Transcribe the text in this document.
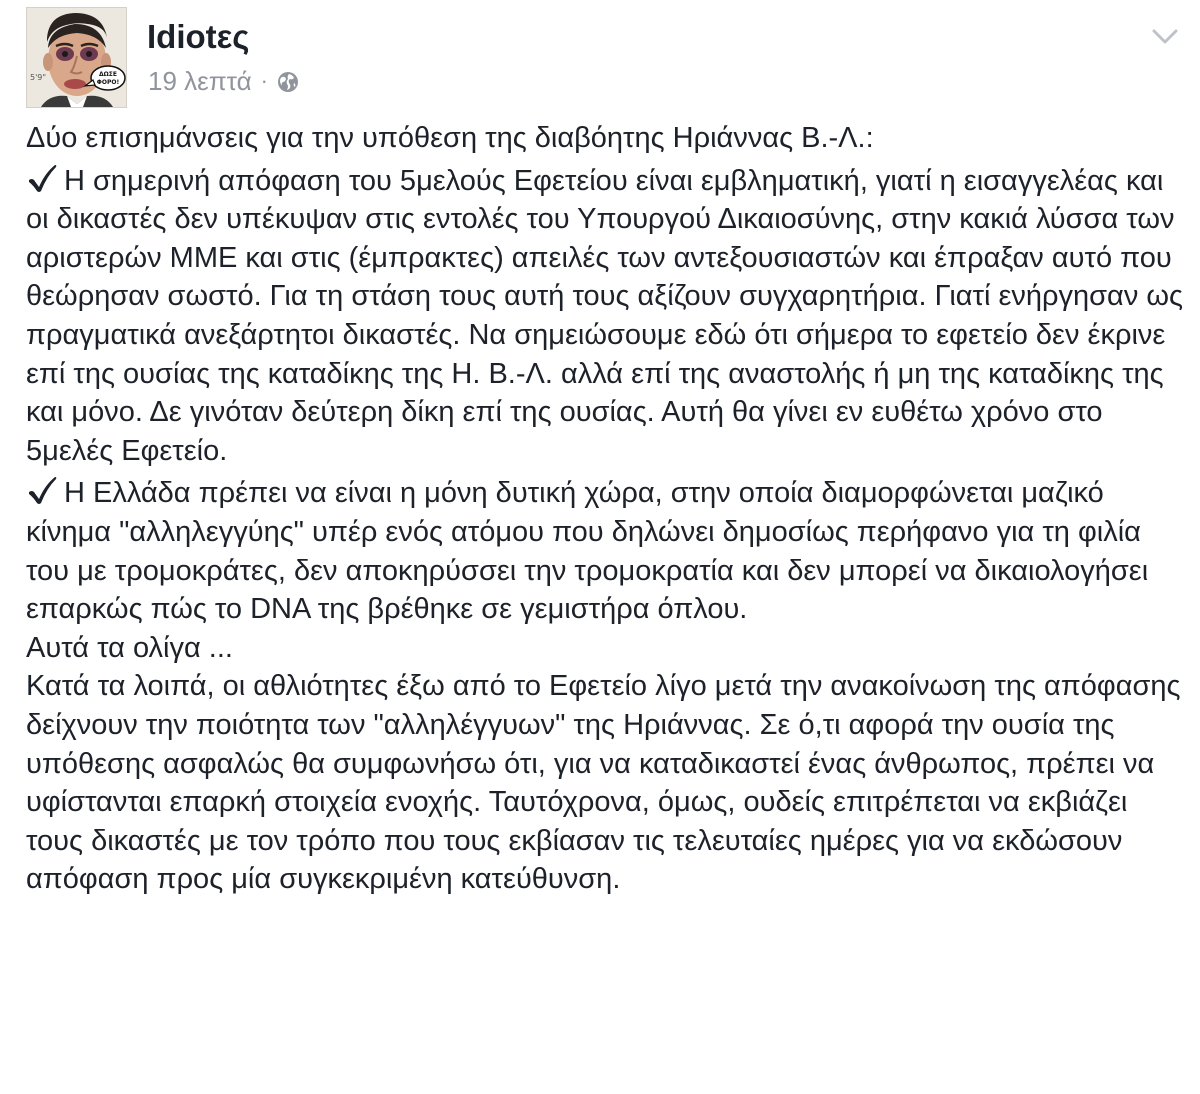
5'9"	ΔΩΣΕ
ΦΟΡΟ!
Idiotες
19 λεπτά ·

Δύο επισημάνσεις για την υπόθεση της διαβόητης Ηριάννας Β.-Λ.:

Η σημερινή απόφαση του 5μελούς Εφετείου είναι εμβληματική, γιατί η εισαγγελέας και οι δικαστές δεν υπέκυψαν στις εντολές του Υπουργού Δικαιοσύνης, στην κακιά λύσσα των αριστερών ΜΜΕ και στις (έμπρακτες) απειλές των αντεξουσιαστών και έπραξαν αυτό που θεώρησαν σωστό. Για τη στάση τους αυτή τους αξίζουν συγχαρητήρια. Γιατί ενήργησαν ως πραγματικά ανεξάρτητοι δικαστές. Να σημειώσουμε εδώ ότι σήμερα το εφετείο δεν έκρινε επί της ουσίας της καταδίκης της Η. Β.-Λ. αλλά επί της αναστολής ή μη της καταδίκης της και μόνο. Δε γινόταν δεύτερη δίκη επί της ουσίας. Αυτή θα γίνει εν ευθέτω χρόνο στο 5μελές Εφετείο.

Η Ελλάδα πρέπει να είναι η μόνη δυτική χώρα, στην οποία διαμορφώνεται μαζικό κίνημα "αλληλεγγύης" υπέρ ενός ατόμου που δηλώνει δημοσίως περήφανο για τη φιλία του με τρομοκράτες, δεν αποκηρύσσει την τρομοκρατία και δεν μπορεί να δικαιολογήσει επαρκώς πώς το DNA της βρέθηκε σε γεμιστήρα όπλου.

Αυτά τα ολίγα ...

Κατά τα λοιπά, οι αθλιότητες έξω από το Εφετείο λίγο μετά την ανακοίνωση της απόφασης δείχνουν την ποιότητα των "αλληλέγγυων" της Ηριάννας. Σε ό,τι αφορά την ουσία της υπόθεσης ασφαλώς θα συμφωνήσω ότι, για να καταδικαστεί ένας άνθρωπος, πρέπει να υφίστανται επαρκή στοιχεία ενοχής. Ταυτόχρονα, όμως, ουδείς επιτρέπεται να εκβιάζει τους δικαστές με τον τρόπο που τους εκβίασαν τις τελευταίες ημέρες για να εκδώσουν απόφαση προς μία συγκεκριμένη κατεύθυνση.
